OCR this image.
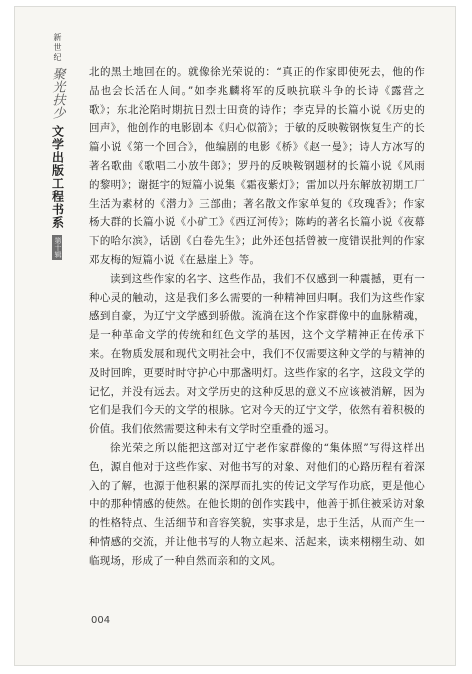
新世纪
聚光扶少
文学出版工程书系
第十辑

北的黑土地回在的。就像徐光荣说的：“真正的作家即使死去，他的作品也会长活在人间。”如李兆麟将军的反映抗联斗争的长诗《露营之歌》；东北沦陷时期抗日烈士田贲的诗作；李克异的长篇小说《历史的回声》，他创作的电影剧本《归心似箭》；于敏的反映鞍钢恢复生产的长篇小说《第一个回合》，他编剧的电影《桥》《赵一曼》；诗人方冰写的著名歌曲《歌唱二小放牛郎》；罗丹的反映鞍钢题材的长篇小说《风雨的黎明》；谢挺宇的短篇小说集《霜夜紫灯》；雷加以丹东解放初期工厂生活为素材的《潜力》三部曲；著名散文作家单复的《玫瑰香》；作家杨大群的长篇小说《小矿工》《西辽河传》；陈屿的著名长篇小说《夜幕下的哈尔滨》，话剧《白卷先生》；此外还包括曾被一度错误批判的作家邓友梅的短篇小说《在悬崖上》等。

读到这些作家的名字、这些作品，我们不仅感到一种震撼，更有一种心灵的触动，这是我们多么需要的一种精神回归啊。我们为这些作家感到自豪，为辽宁文学感到骄傲。流淌在这个作家群像中的血脉精魂，是一种革命文学的传统和红色文学的基因，这个文学精神正在传承下来。在物质发展和现代文明社会中，我们不仅需要这种文学的与精神的及时回眸，更要时时守护心中那盏明灯。这些作家的名字，这段文学的记忆，并没有远去。对文学历史的这种反思的意义不应该被消解，因为它们是我们今天的文学的根脉。它对今天的辽宁文学，依然有着积极的价值。我们依然需要这种未有文学时空重叠的遥习。

徐光荣之所以能把这部对辽宁老作家群像的“集体照”写得这样出色，源自他对于这些作家、对他书写的对象、对他们的心路历程有着深入的了解，也源于他积累的深厚而扎实的传记文学写作功底，更是他心中的那种情感的使然。在他长期的创作实践中，他善于抓住被采访对象的性格特点、生活细节和音容笑貌，实事求是，忠于生活，从而产生一种情感的交流，并让他书写的人物立起来、活起来，读来栩栩生动、如临现场，形成了一种自然而亲和的文风。

004
